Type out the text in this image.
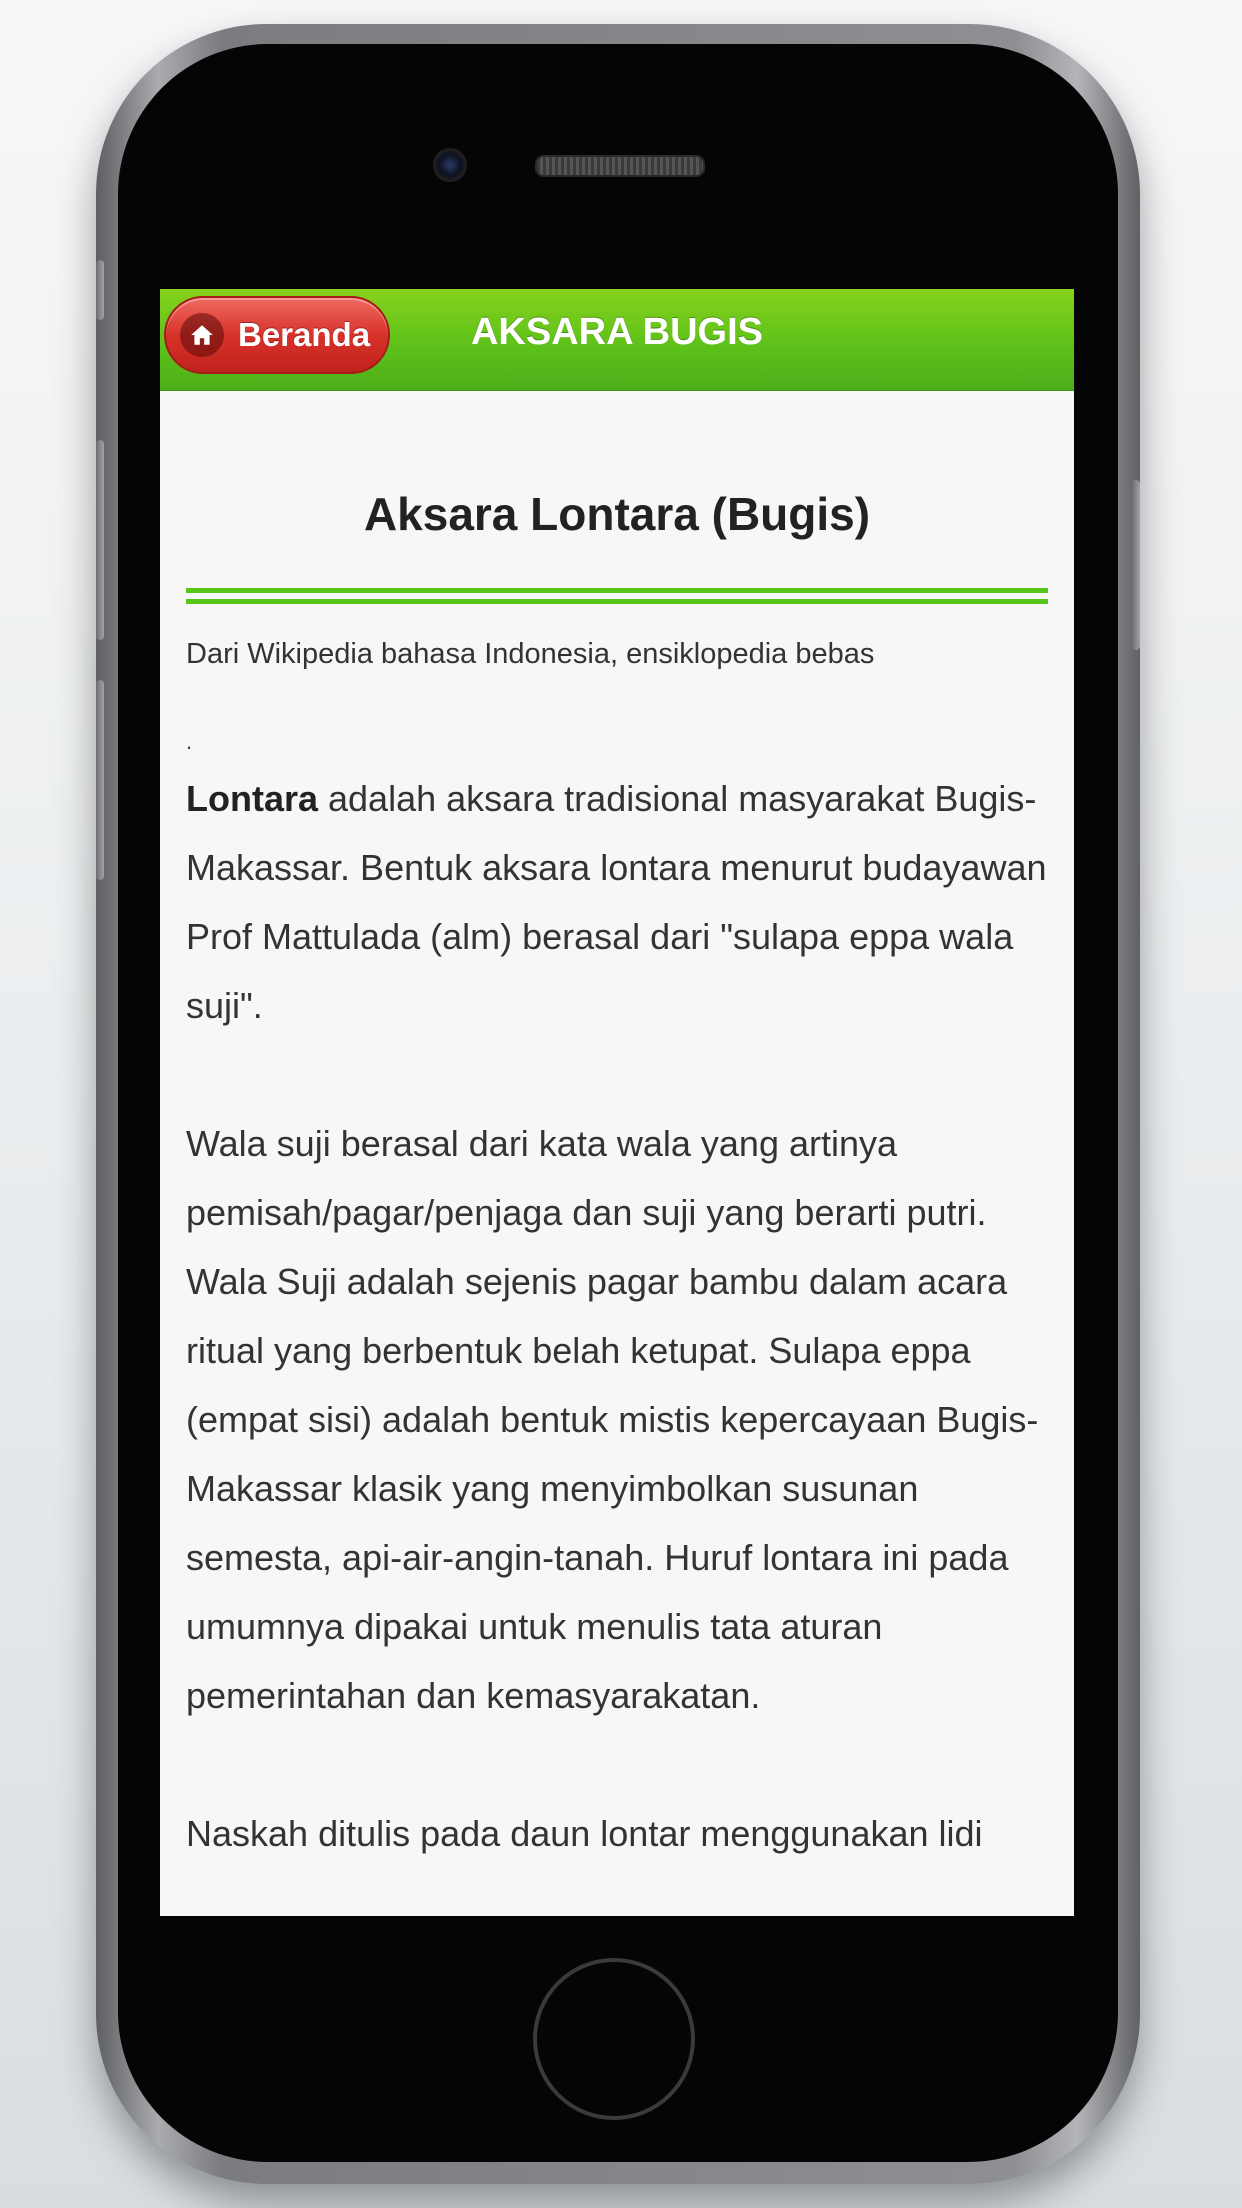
AKSARA BUGIS
Beranda
Aksara Lontara (Bugis)
Dari Wikipedia bahasa Indonesia, ensiklopedia bebas
.

Lontara adalah aksara tradisional masyarakat Bugis-Makassar. Bentuk aksara lontara menurut budayawan Prof Mattulada (alm) berasal dari "sulapa eppa wala suji".

Wala suji berasal dari kata wala yang artinya pemisah/pagar/penjaga dan suji yang berarti putri. Wala Suji adalah sejenis pagar bambu dalam acara ritual yang berbentuk belah ketupat. Sulapa eppa (empat sisi) adalah bentuk mistis kepercayaan Bugis-Makassar klasik yang menyimbolkan susunan semesta, api-air-angin-tanah. Huruf lontara ini pada umumnya dipakai untuk menulis tata aturan pemerintahan dan kemasyarakatan.

Naskah ditulis pada daun lontar menggunakan lidi
